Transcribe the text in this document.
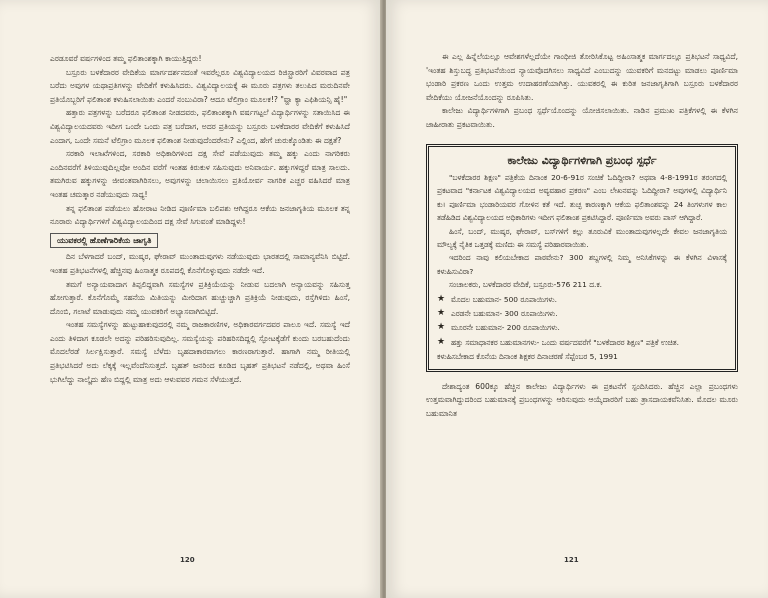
ಎರಡೂವರೆ ವರ್ಷಗಳಿಂದ ತಮ್ಮ ಫಲಿತಾಂಶಕ್ಕಾಗಿ ಕಾಯುತ್ತಿದ್ದರು!

ಬಸ್ರೂರು ಬಳಕೆದಾರರ ವೇದಿಕೆಯ ಮಾರ್ಗದರ್ಶನದಂತೆ ಇವರೆಲ್ಲರೂ ವಿಶ್ವವಿದ್ಯಾಲಯದ ರಿಜಿಸ್ಟ್ರಾರರಿಗೆ ವಿವರವಾದ ಪತ್ರ ಬರೆದು ಅವುಗಳ ಯಥಾಪ್ರತಿಗಳನ್ನು ವೇದಿಕೆಗೆ ಕಳುಹಿಸಿದರು. ವಿಶ್ವವಿದ್ಯಾಲಯಕ್ಕೆ ಈ ಮೂರು ಪತ್ರಗಳು ತಲುಪಿದ ಮರುದಿನವೇ ಪ್ರತಿಯೊಬ್ಬರಿಗೆ ಫಲಿತಾಂಶ ಕಳುಹಿಸಲಾಯಿತು ಎಂದರೆ ನಂಬುವಿರಾ? ಆದೂ ಟೆಲಿಗ್ರಾಂ ಮೂಲಕ!? "ವ್ಹಾ ಕ್ಯಾ ಎಫಿಶಿಯನ್ಸಿ ಹೈ!"

ಹತ್ತಾರು ಪತ್ರಗಳನ್ನು ಬರೆದರೂ ಫಲಿತಾಂಶ ನೀಡದವರು, ಫಲಿತಾಂಶಕ್ಕಾಗಿ ವರ್ಷಗಟ್ಟಲೆ ವಿದ್ಯಾರ್ಥಿಗಳನ್ನು ಸತಾಯಿಸಿದ ಈ ವಿಶ್ವವಿದ್ಯಾಲಯದವರು ಇದೀಗ ಒಂದೇ ಒಂದು ಪತ್ರ ಬರೆದಾಗ, ಅದರ ಪ್ರತಿಯನ್ನು ಬಸ್ರೂರು ಬಳಕೆದಾರರ ವೇದಿಕೆಗೆ ಕಳುಹಿಸಿದೆ ಎಂದಾಗ, ಒಂದೇ ಸಮನೆ ಟೆಲಿಗ್ರಾಂ ಮೂಲಕ ಫಲಿತಾಂಶ ನೀಡುವುದೆಂದರೇನು? ಎಲ್ಲಿಂದ, ಹೇಗೆ ಚುರುಕ್ಕೊಂಡಿತು ಈ ದಕ್ಷತೆ?

ಸರಕಾರಿ ಇಲಾಖೆಗಳಿಂದ, ಸರಕಾರಿ ಅಧಿಕಾರಿಗಳಿಂದ ದಕ್ಷ ಸೇವೆ ಪಡೆಯುವುದು ತಮ್ಮ ಹಕ್ಕು ಎಂದು ನಾಗರಿಕರು ಎಂದಿನವರೆಗೆ ತಿಳಿಯುವುದಿಲ್ಲವೋ ಅಂದಿನ ವರೆಗೆ ಇಂತಹ ಕಿರುಕುಳ ಸಹಿಸುವುದು ಅನಿವಾರ್ಯ. ಹಕ್ಕುಗಳಿದ್ದರೆ ಮಾತ್ರ ಸಾಲದು. ತಮಗಿರುವ ಹಕ್ಕುಗಳನ್ನು ಜೀವಂತವಾಗಿರಿಸಲು, ಅವುಗಳನ್ನು ಚಲಾಯಿಸಲು ಪ್ರತಿಯೋರ್ವ ನಾಗರಿಕ ಎಚ್ಚರ ವಹಿಸಿದರೆ ಮಾತ್ರ ಇಂತಹ ಚಮತ್ಕಾರ ನಡೆಯುವುದು ಸಾಧ್ಯ!

ತನ್ನ ಫಲಿತಾಂಶ ಪಡೆಯಲು ಹೋರಾಟ ನೀಡಿದ ಪೂರ್ಣಿಮಾ ಬಲಿಪಶು ಆಗಿದ್ದರೂ ಆಕೆಯ ಜನಜಾಗೃತಿಯ ಮೂಲಕ ತನ್ನ ನೂರಾರು ವಿದ್ಯಾರ್ಥಿಗಳಿಗೆ ವಿಶ್ವವಿದ್ಯಾಲಯದಿಂದ ದಕ್ಷ ಸೇವೆ ಸಿಗುವಂತೆ ಮಾಡಿದ್ದಳು!

ಯುವಕರಲ್ಲಿ ಹೊಣೆಗಾರಿಕೆಯ ಜಾಗೃತಿ

ದಿನ ಬೆಳಗಾದರೆ ಬಂದ್, ಮುಷ್ಕರ, ಘೇರಾವ್ ಮುಂತಾದುವುಗಳು ನಡೆಯುವುದು ಭಾರತದಲ್ಲಿ ಸಾಮಾನ್ಯವೆನಿಸಿ ಬಿಟ್ಟಿದೆ. ಇಂತಹ ಪ್ರತಿಭಟನೆಗಳಲ್ಲಿ ಹೆಚ್ಚಿನವು ಹಿಂಸಾತ್ಮಕ ರೂಪದಲ್ಲಿ ಕೊನೆಗೊಳ್ಳುವುದು ನಡೆದೇ ಇದೆ.

ತಮಗೆ ಅನ್ಯಾಯವಾದಾಗ ತಿಪ್ಪಲಿದ್ದವಾಗಿ ಸಮಸ್ಯೆಗಳ ಪ್ರತಿಕ್ರಿಯೆಯನ್ನು ನೀಡುವ ಬದಲಾಗಿ ಅನ್ಯಾಯವನ್ನು ಸಹಿಸುತ್ತ ಹೋಗುತ್ತಾರೆ. ಕೊನೆಗೊಮ್ಮೆ ಸಹನೆಯ ಮಿತಿಯನ್ನು ಮೀರಿದಾಗ ಹುಚ್ಚುಚ್ಚಾಗಿ ಪ್ರತಿಕ್ರಿಯೆ ನೀಡುವುದು, ರಸ್ತೆಗಿಳಿದು ಹಿಂಸೆ, ದೊಂಬಿ, ಗಲಾಟೆ ಮಾಡುವುದು ನಮ್ಮ ಯುವಕರಿಗೆ ಅಭ್ಯಾಸವಾಗಿಬಿಟ್ಟಿದೆ.

ಇಂತಹ ಸಮಸ್ಯೆಗಳನ್ನು ಹುಟ್ಟುಹಾಕುವುದರಲ್ಲಿ ನಮ್ಮ ರಾಜಕಾರಣಿಗಳ, ಅಧಿಕಾರವರ್ಗದವರ ಪಾಲೂ ಇದೆ. ಸಮಸ್ಯೆ ಇದೆ ಎಂದು ತಿಳಿದಾಗ ಕೂಡಲೇ ಅದನ್ನು ಪರಿಹರಿಸುವುದಿಲ್ಲ. ಸಮಸ್ಯೆಯನ್ನು ಪರಿಹರಿಸದಿದ್ದಲ್ಲಿ ಸ್ಫೋಟಕ್ಕೆಡೆಗೆ ಕುಂದು ಬರಬಹುದೆಂದು ಮೊದಲೆರಡೆ ಸಿರ್ಲಕ್ಷಿಸುತ್ತಾರೆ. ಸಮಸ್ಯೆ ಬೆಳೆದು ಬೃಹದಾಕಾರವಾಗಲು ಕಾರಣರಾಗುತ್ತಾರೆ. ಹಾಗಾಗಿ ನಮ್ಮ ರೀತಿಯಲ್ಲಿ ಪ್ರತಿಭಟಿಸಿದರೆ ಅದು ಲೆಕ್ಕಕ್ಕೆ ಇಲ್ಲವೆಂದೆನಿಸುತ್ತದೆ. ಬೃಹತ್ ಜನರಿಂದ ಕೂಡಿದ ಬೃಹತ್ ಪ್ರತಿಭಟನೆ ನಡೆದಲ್ಲಿ, ಅಥವಾ ಹಿಂಸೆ ಭುಗಿಲೆದ್ದು ನಾಲ್ಕೈದು ಹೆಣ ಬಿದ್ದಲ್ಲಿ ಮಾತ್ರ ಅದು ಆಳುವವರ ಗಮನ ಸೆಳೆಯುತ್ತದೆ.

120

ಈ ಎಲ್ಲ ಹಿನ್ನೆಲೆಯಲ್ಲೂ ಆವೇಶಗಳೆಲ್ಲದೆಯೇ ಗಾಂಧೀಜಿ ತೋರಿಸಿಕೊಟ್ಟ ಅಹಿಂಸಾತ್ಮಕ ಮಾರ್ಗದಲ್ಲೂ ಪ್ರತಿಭಟನೆ ಸಾಧ್ಯವಿದೆ, 'ಇಂತಹ ಶಿಸ್ತುಬದ್ಧ ಪ್ರತಿಭಟನೆಯಿಂದ ನ್ಯಾಯವೊದಗಿಸಲು ಸಾಧ್ಯವಿದೆ ಎಂಬುದನ್ನು ಯುವಕರಿಗೆ ಮನದಟ್ಟು ಮಾಡಲು ಪೂರ್ಣಿಮಾ ಭಂಡಾರಿ ಪ್ರಕರಣ ಒಂದು ಉತ್ತಮ ಉದಾಹರಣೆಯಾಗಿತ್ತು. ಯುವಕರಲ್ಲಿ ಈ ಕುರಿತ ಜನಜಾಗೃತಿಗಾಗಿ ಬಸ್ರೂರು ಬಳಕೆದಾರರ ವೇದಿಕೆಯು ಯೋಜನೆಯೊಂದನ್ನು ರೂಪಿಸಿತು.

ಕಾಲೇಜು ವಿದ್ಯಾರ್ಥಿಗಳಿಗಾಗಿ ಪ್ರಬಂಧ ಸ್ಪರ್ಧೆಯೊಂದನ್ನು ಯೋಜಿಸಲಾಯಿತು. ನಾಡಿನ ಪ್ರಮುಖ ಪತ್ರಿಕೆಗಳಲ್ಲಿ ಈ ಕೆಳಗಿನ ಜಾಹೀರಾತು ಪ್ರಕಟವಾಯಿತು.

ಕಾಲೇಜು ವಿದ್ಯಾರ್ಥಿಗಳಿಗಾಗಿ ಪ್ರಬಂಧ ಸ್ಪರ್ಧೆ

"ಬಳಕೆದಾರರ ಶಿಕ್ಷಣ" ಪತ್ರಿಕೆಯ ದಿನಾಂಕ 20-6-91ರ ಸಂಚಿಕೆ ಓದಿದ್ದೀರಾ? ಅಥವಾ 4-8-1991ರ ತರಂಗದಲ್ಲಿ ಪ್ರಕಟವಾದ "ಕರ್ನಾಟಕ ವಿಶ್ವವಿದ್ಯಾಲಯದ ಅವ್ಯವಹಾರ ಪ್ರಕರಣ" ಎಂಬ ಲೇಖನವನ್ನು ಓದಿದ್ದೀರಾ? ಅವುಗಳಲ್ಲಿ ವಿದ್ಯಾರ್ಥಿನಿ ಕು। ಪೂರ್ಣಿಮಾ ಭಂಡಾರಿಯವರ ಗೋಳಿನ ಕತೆ ಇದೆ. ತುಚ್ಛ ಕಾರಣಕ್ಕಾಗಿ ಆಕೆಯ ಫಲಿತಾಂಶವನ್ನು 24 ತಿಂಗಳುಗಳ ಕಾಲ ತಡೆಹಿಡಿದ ವಿಶ್ವವಿದ್ಯಾಲಯದ ಅಧಿಕಾರಿಗಳು ಇದೀಗ ಫಲಿತಾಂಶ ಪ್ರಕಟಿಸಿದ್ದಾರೆ. ಪೂರ್ಣಿಮಾ ಅವರು ಪಾಸ್ ಆಗಿದ್ದಾರೆ.

ಹಿಂಸೆ, ಬಂದ್, ಮುಷ್ಕರ, ಘೇರಾವ್, ಬಸ್‌ಗಳಿಗೆ ಕಲ್ಲು ತೂರುವಿಕೆ ಮುಂತಾದುವುಗಳಲ್ಲದೇ ಕೇವಲ ಜನಜಾಗೃತಿಯ ಮೌಲ್ಯಕ್ಕೆ ನೈತಿಕ ಒತ್ತಡಕ್ಕೆ ಮಣಿದು ಈ ಸಮಸ್ಯೆ ಪರಿಹಾರವಾಯಿತು.

ಇದರಿಂದ ನಾವು ಕಲಿಯಬೇಕಾದ ಪಾಠವೇನು? 300 ಶಬ್ದಗಳಲ್ಲಿ ನಿಮ್ಮ ಅನಿಸಿಕೆಗಳನ್ನು ಈ ಕೆಳಗಿನ ವಿಳಾಸಕ್ಕೆ ಕಳುಹಿಸುವಿರಾ?

ಸಂಚಾಲಕರು, ಬಳಕೆದಾರರ ವೇದಿಕೆ, ಬಸ್ರೂರು-576 211 ದ.ಕ.

★ ಮೊದಲ ಬಹುಮಾನ- 500 ರೂಪಾಯಿಗಳು.
★ ಎರಡನೇ ಬಹುಮಾನ- 300 ರೂಪಾಯಿಗಳು.
★ ಮೂರನೇ ಬಹುಮಾನ- 200 ರೂಪಾಯಿಗಳು.
★ ಹತ್ತು ಸಮಾಧಾನಕರ ಬಹುಮಾನಗಳು- ಒಂದು ವರ್ಷದವರೆಗೆ "ಬಳಕೆದಾರರ ಶಿಕ್ಷಣ" ಪತ್ರಿಕೆ ಉಚಿತ.

ಕಳುಹಿಸಬೇಕಾದ ಕೊನೆಯ ದಿನಾಂಕ ಶಿಕ್ಷಕರ ದಿನಾಚರಣೆ ಸೆಪ್ಟೆಂಬರ 5, 1991

ದೇಶಾದ್ಯಂತ 600ಕ್ಕೂ ಹೆಚ್ಚಿನ ಕಾಲೇಜು ವಿದ್ಯಾರ್ಥಿಗಳು ಈ ಪ್ರಕಟನೆಗೆ ಸ್ಪಂದಿಸಿದರು. ಹೆಚ್ಚಿನ ಎಲ್ಲಾ ಪ್ರಬಂಧಗಳು ಉತ್ತಮವಾಗಿದ್ದುದರಿಂದ ಬಹುಮಾನಕ್ಕೆ ಪ್ರಬಂಧಗಳನ್ನು ಆರಿಸುವುದು ಆಯ್ಕೆದಾರರಿಗೆ ಬಹು ತ್ರಾಸದಾಯಕವೆನಿಸಿತು. ಮೊದಲ ಮೂರು ಬಹುಮಾನಿತ

121
